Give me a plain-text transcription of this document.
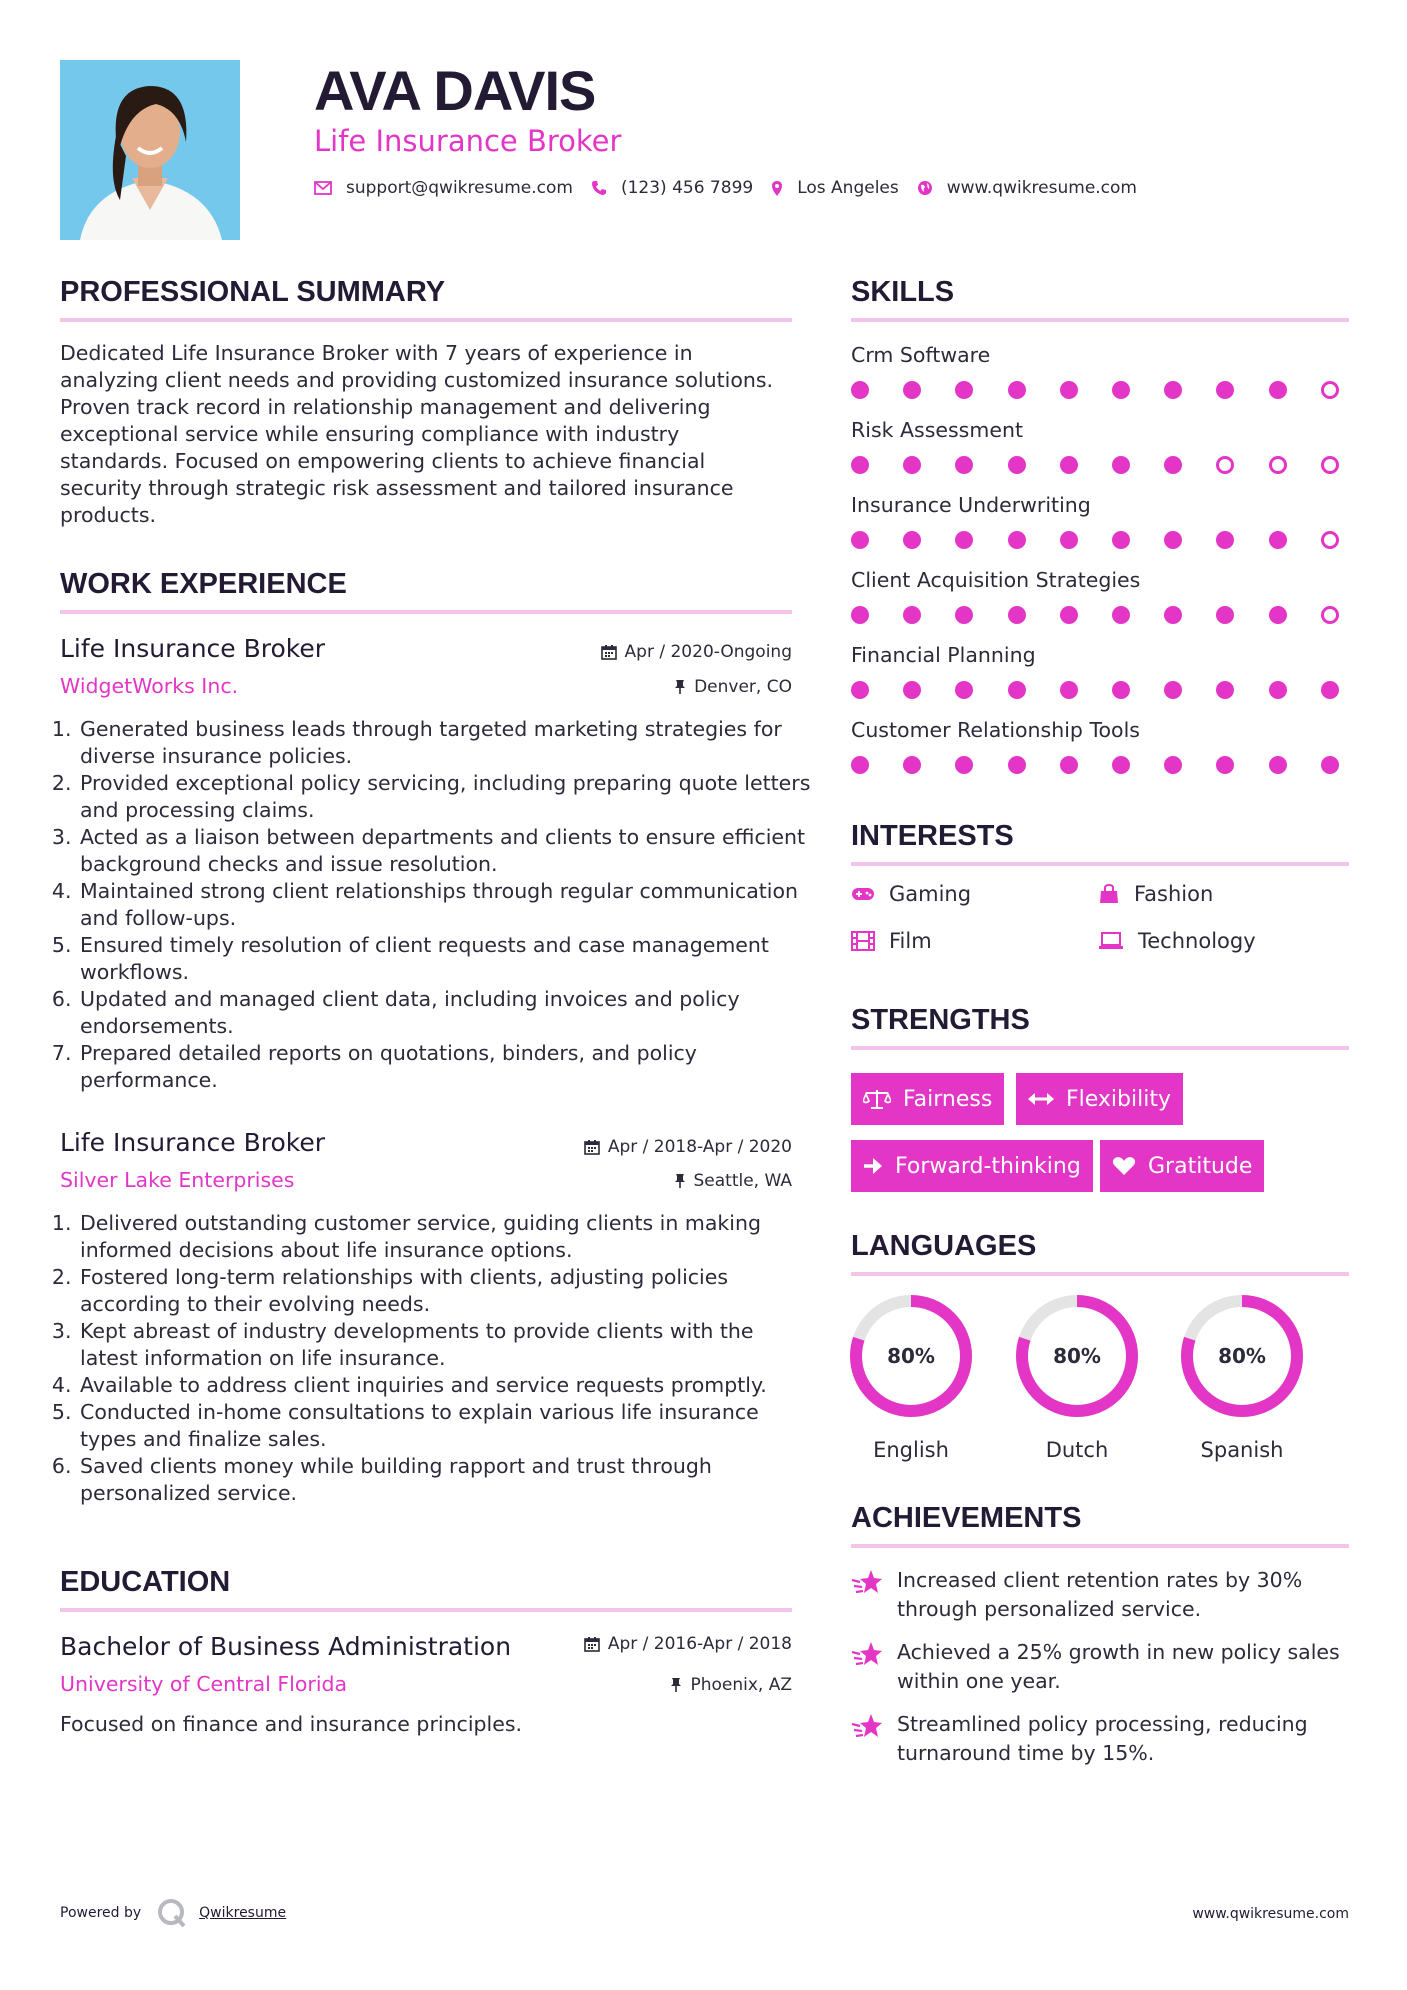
AVA DAVIS
Life Insurance Broker
support@qwikresume.com	(123) 456 7899	Los Angeles	www.qwikresume.com
PROFESSIONAL SUMMARY
Dedicated Life Insurance Broker with 7 years of experience in analyzing client needs and providing customized insurance solutions. Proven track record in relationship management and delivering exceptional service while ensuring compliance with industry standards. Focused on empowering clients to achieve financial security through strategic risk assessment and tailored insurance products.
WORK EXPERIENCE
Life Insurance Broker	Apr / 2020-Ongoing
WidgetWorks Inc.	Denver, CO
1. Generated business leads through targeted marketing strategies for diverse insurance policies.
2. Provided exceptional policy servicing, including preparing quote letters and processing claims.
3. Acted as a liaison between departments and clients to ensure efficient background checks and issue resolution.
4. Maintained strong client relationships through regular communication and follow-ups.
5. Ensured timely resolution of client requests and case management workflows.
6. Updated and managed client data, including invoices and policy endorsements.
7. Prepared detailed reports on quotations, binders, and policy performance.
Life Insurance Broker	Apr / 2018-Apr / 2020
Silver Lake Enterprises	Seattle, WA
1. Delivered outstanding customer service, guiding clients in making informed decisions about life insurance options.
2. Fostered long-term relationships with clients, adjusting policies according to their evolving needs.
3. Kept abreast of industry developments to provide clients with the latest information on life insurance.
4. Available to address client inquiries and service requests promptly.
5. Conducted in-home consultations to explain various life insurance types and finalize sales.
6. Saved clients money while building rapport and trust through personalized service.
EDUCATION
Bachelor of Business Administration	Apr / 2016-Apr / 2018
University of Central Florida	Phoenix, AZ
Focused on finance and insurance principles.
SKILLS
Crm Software
Risk Assessment
Insurance Underwriting
Client Acquisition Strategies
Financial Planning
Customer Relationship Tools
INTERESTS
Gaming	Fashion
Film	Technology
STRENGTHS
Fairness	Flexibility
Forward-thinking	Gratitude
LANGUAGES
80%
English
80%
Dutch
80%
Spanish
ACHIEVEMENTS
Increased client retention rates by 30% through personalized service.
Achieved a 25% growth in new policy sales within one year.
Streamlined policy processing, reducing turnaround time by 15%.
Powered by	Qwikresume	www.qwikresume.com
